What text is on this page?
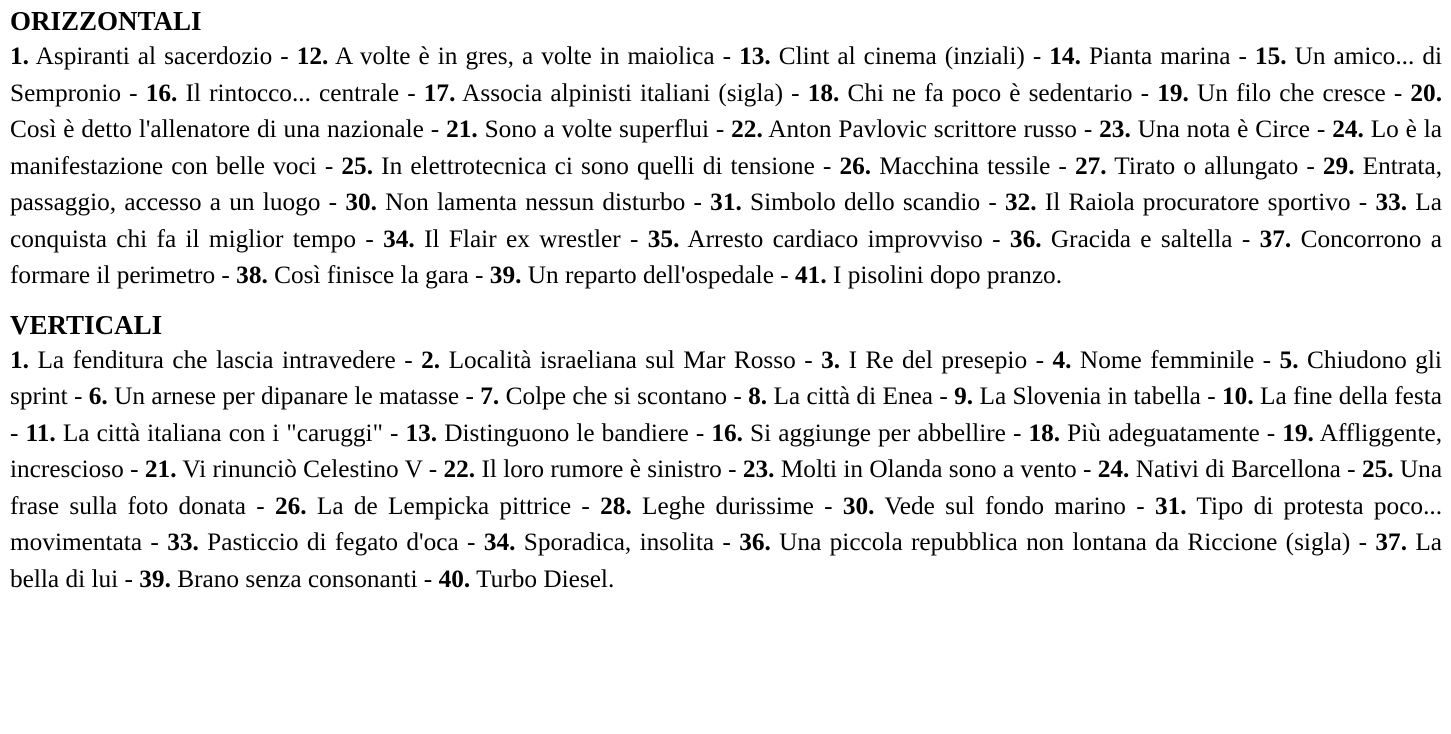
ORIZZONTALI

1. Aspiranti al sacerdozio - 12. A volte è in gres, a volte in maiolica - 13. Clint al cinema (inziali) - 14. Pianta marina - 15. Un amico... di Sempronio - 16. Il rintocco... centrale - 17. Associa alpinisti italiani (sigla) - 18. Chi ne fa poco è sedentario - 19. Un filo che cresce - 20. Così è detto l'allenatore di una nazionale - 21. Sono a volte superflui - 22. Anton Pavlovic scrittore russo - 23. Una nota è Circe - 24. Lo è la manifestazione con belle voci - 25. In elettrotecnica ci sono quelli di tensione - 26. Macchina tessile - 27. Tirato o allungato - 29. Entrata, passaggio, accesso a un luogo - 30. Non lamenta nessun disturbo - 31. Simbolo dello scandio - 32. Il Raiola procuratore sportivo - 33. La conquista chi fa il miglior tempo - 34. Il Flair ex wrestler - 35. Arresto cardiaco improvviso - 36. Gracida e saltella - 37. Concorrono a formare il perimetro - 38. Così finisce la gara - 39. Un reparto dell'ospedale - 41. I pisolini dopo pranzo.

VERTICALI

1. La fenditura che lascia intravedere - 2. Località israeliana sul Mar Rosso - 3. I Re del presepio - 4. Nome femminile - 5. Chiudono gli sprint - 6. Un arnese per dipanare le matasse - 7. Colpe che si scontano - 8. La città di Enea - 9. La Slovenia in tabella - 10. La fine della festa - 11. La città italiana con i "caruggi" - 13. Distinguono le bandiere - 16. Si aggiunge per abbellire - 18. Più adeguatamente - 19. Affliggente, increscioso - 21. Vi rinunciò Celestino V - 22. Il loro rumore è sinistro - 23. Molti in Olanda sono a vento - 24. Nativi di Barcellona - 25. Una frase sulla foto donata - 26. La de Lempicka pittrice - 28. Leghe durissime - 30. Vede sul fondo marino - 31. Tipo di protesta poco... movimentata - 33. Pasticcio di fegato d'oca - 34. Sporadica, insolita - 36. Una piccola repubblica non lontana da Riccione (sigla) - 37. La bella di lui - 39. Brano senza consonanti - 40. Turbo Diesel.
